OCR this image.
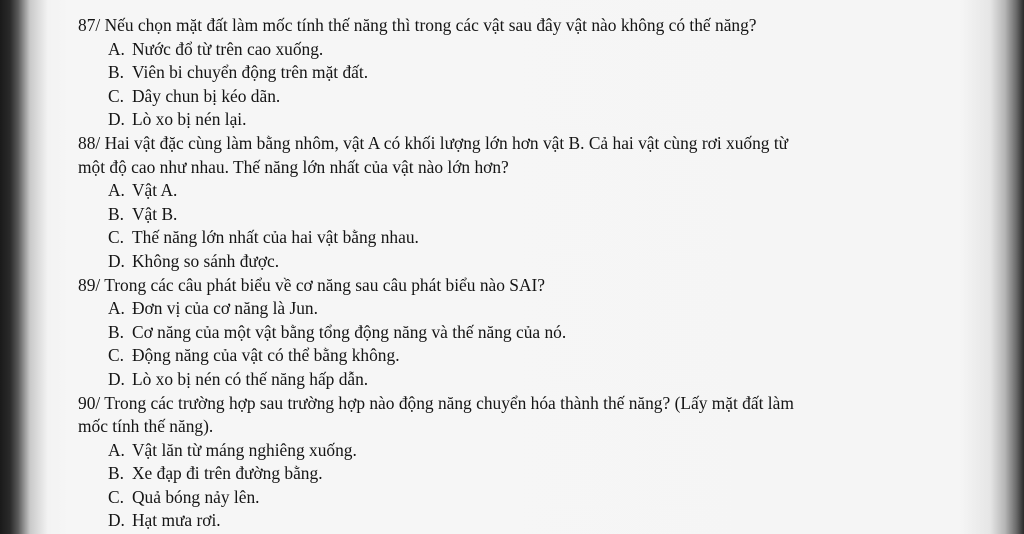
87/ Nếu chọn mặt đất làm mốc tính thế năng thì trong các vật sau đây vật nào không có thế năng?
A. Nước đổ từ trên cao xuống.
B. Viên bi chuyển động trên mặt đất.
C. Dây chun bị kéo dãn.
D. Lò xo bị nén lại.
88/ Hai vật đặc cùng làm bằng nhôm, vật A có khối lượng lớn hơn vật B. Cả hai vật cùng rơi xuống từ
một độ cao như nhau. Thế năng lớn nhất của vật nào lớn hơn?
A. Vật A.
B. Vật B.
C. Thế năng lớn nhất của hai vật bằng nhau.
D. Không so sánh được.
89/ Trong các câu phát biểu về cơ năng sau câu phát biểu nào SAI?
A. Đơn vị của cơ năng là Jun.
B. Cơ năng của một vật bằng tổng động năng và thế năng của nó.
C. Động năng của vật có thể bằng không.
D. Lò xo bị nén có thế năng hấp dẫn.
90/ Trong các trường hợp sau trường hợp nào động năng chuyển hóa thành thế năng? (Lấy mặt đất làm
mốc tính thế năng).
A. Vật lăn từ máng nghiêng xuống.
B. Xe đạp đi trên đường bằng.
C. Quả bóng nảy lên.
D. Hạt mưa rơi.
